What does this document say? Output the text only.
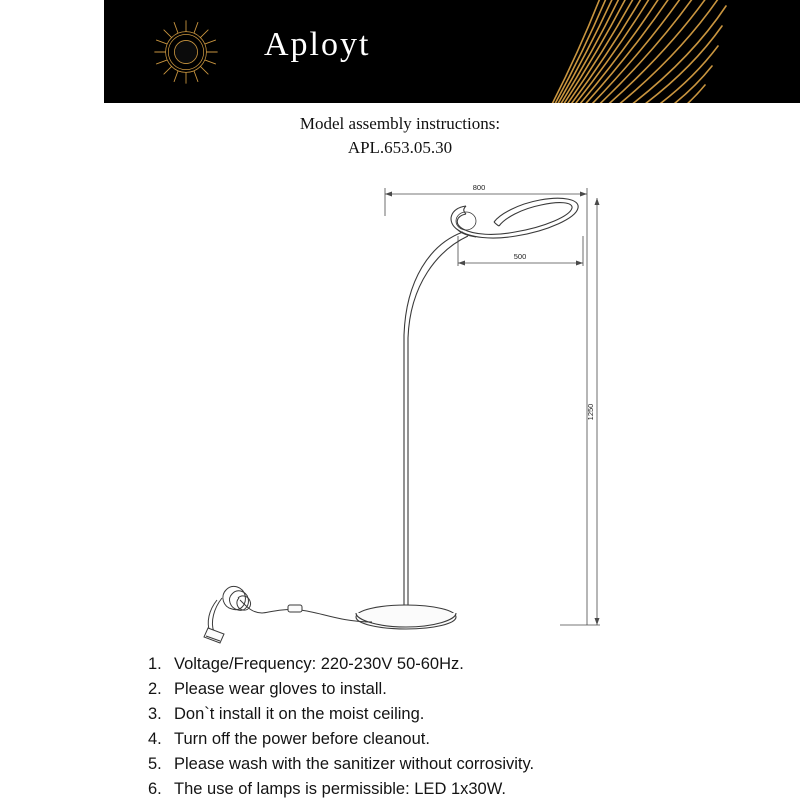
Aployt
Model assembly instructions:
APL.653.05.30
800
500
1250
1. Voltage/Frequency: 220-230V 50-60Hz.
2. Please wear gloves to install.
3. Don`t install it on the moist ceiling.
4. Turn off the power before cleanout.
5. Please wash with the sanitizer without corrosivity.
6. The use of lamps is permissible: LED 1x30W.
